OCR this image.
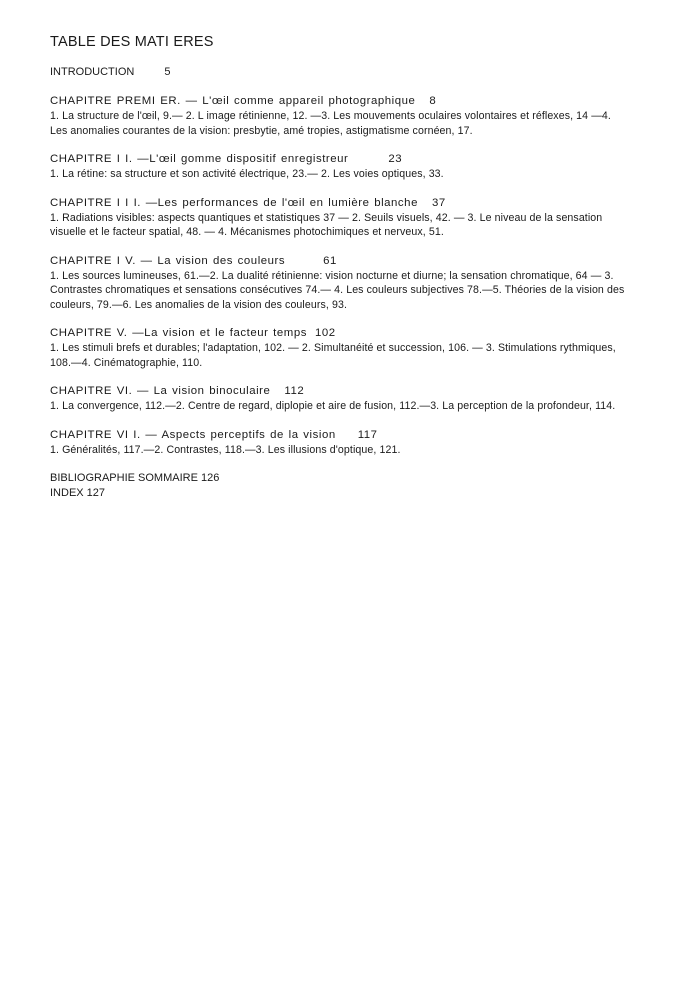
TABLE DES MATI ERES
INTRODUCTION	5
CHAPITRE PREMI ER. — L'œil comme appareil photographique 8

1. La structure de l'œil, 9.— 2. L image rétinienne, 12. —3. Les mouvements oculaires volontaires et réflexes, 14 —4. Les anomalies courantes de la vision: presbytie, amé tropies, astigmatisme cornéen, 17.

CHAPITRE I I. —L'œil gomme dispositif enregistreur	23

1. La rétine: sa structure et son activité électrique, 23.— 2. Les voies optiques, 33.

CHAPITRE I I I. —Les performances de l'œil en lumière blanche 37

1. Radiations visibles: aspects quantiques et statistiques 37 — 2. Seuils visuels, 42. — 3. Le niveau de la sensation visuelle et le facteur spatial, 48. — 4. Mécanismes photochimiques et nerveux, 51.

CHAPITRE I V. — La vision des couleurs	61

1. Les sources lumineuses, 61.—2. La dualité rétinienne: vision nocturne et diurne; la sensation chromatique, 64 — 3. Contrastes chromatiques et sensations consécutives 74.— 4. Les couleurs subjectives 78.—5. Théories de la vision des couleurs, 79.—6. Les anomalies de la vision des couleurs, 93.

CHAPITRE V. —La vision et le facteur temps 102

1. Les stimuli brefs et durables; l'adaptation, 102. — 2. Simultanéité et succession, 106. — 3. Stimulations rythmiques, 108.—4. Cinématographie, 110.

CHAPITRE VI. — La vision binoculaire 112

1. La convergence, 112.—2. Centre de regard, diplopie et aire de fusion, 112.—3. La perception de la profondeur, 114.

CHAPITRE VI I. — Aspects perceptifs de la vision 117

1. Généralités, 117.—2. Contrastes, 118.—3. Les illusions d'optique, 121.

BIBLIOGRAPHIE SOMMAIRE 126
INDEX 127
